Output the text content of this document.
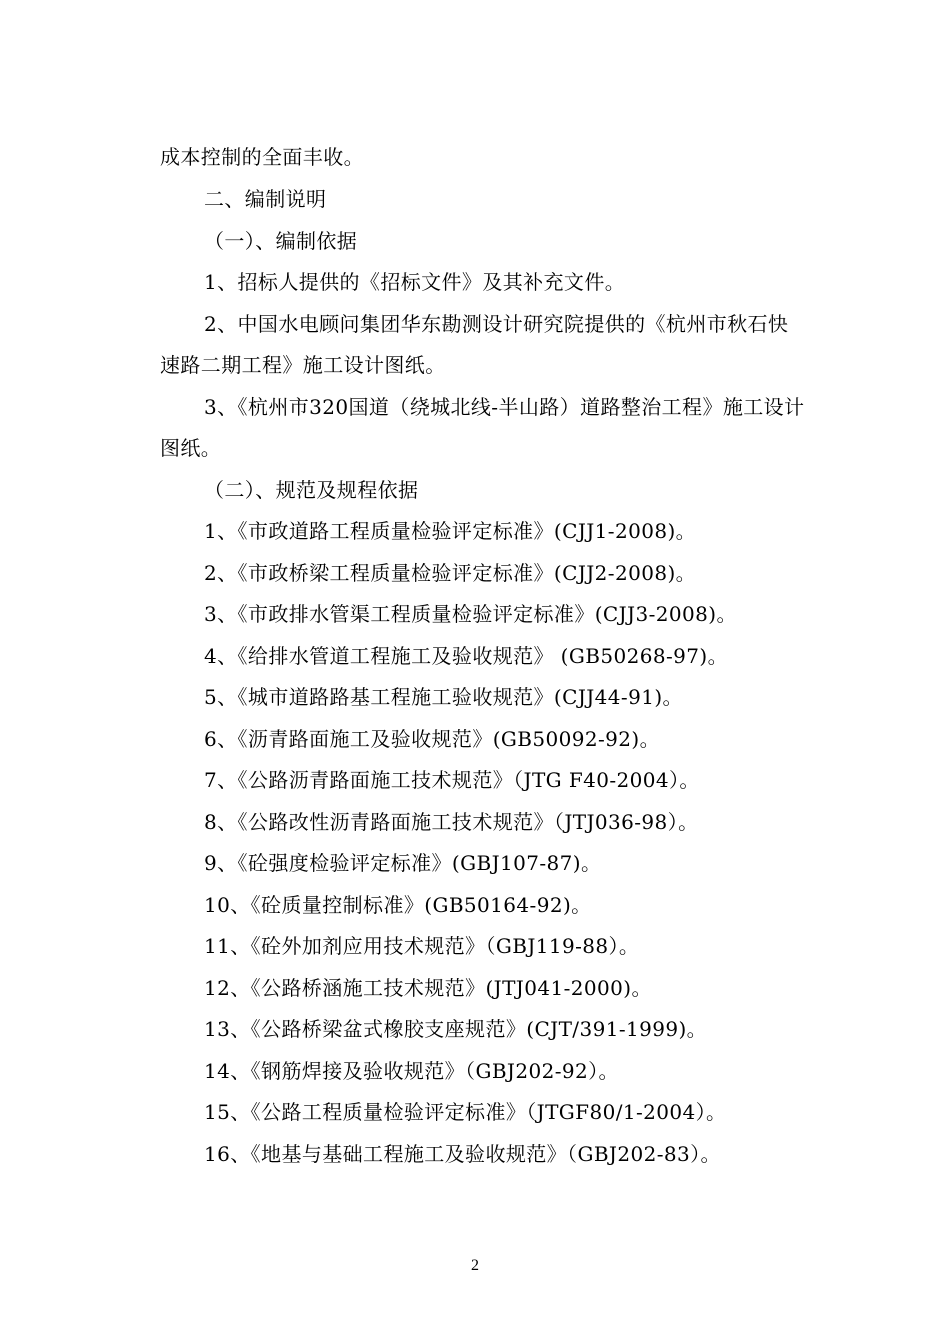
成本控制的全面丰收。
二、编制说明
（一）、编制依据
1、招标人提供的《招标文件》及其补充文件。
2、中国水电顾问集团华东勘测设计研究院提供的《杭州市秋石快
速路二期工程》施工设计图纸。
3、《杭州市320国道（绕城北线-半山路）道路整治工程》施工设计
图纸。
（二）、规范及规程依据
1、《市政道路工程质量检验评定标准》(CJJ1-2008)。
2、《市政桥梁工程质量检验评定标准》(CJJ2-2008)。
3、《市政排水管渠工程质量检验评定标准》(CJJ3-2008)。
4、《给排水管道工程施工及验收规范》 (GB50268-97)。
5、《城市道路路基工程施工验收规范》(CJJ44-91)。
6、《沥青路面施工及验收规范》(GB50092-92)。
7、《公路沥青路面施工技术规范》（JTG F40-2004）。
8、《公路改性沥青路面施工技术规范》（JTJ036-98）。
9、《砼强度检验评定标准》(GBJ107-87)。
10、《砼质量控制标准》(GB50164-92)。
11、《砼外加剂应用技术规范》（GBJ119-88）。
12、《公路桥涵施工技术规范》(JTJ041-2000)。
13、《公路桥梁盆式橡胶支座规范》(CJT/391-1999)。
14、《钢筋焊接及验收规范》（GBJ202-92）。
15、《公路工程质量检验评定标准》（JTGF80/1-2004）。
16、《地基与基础工程施工及验收规范》（GBJ202-83）。
2
